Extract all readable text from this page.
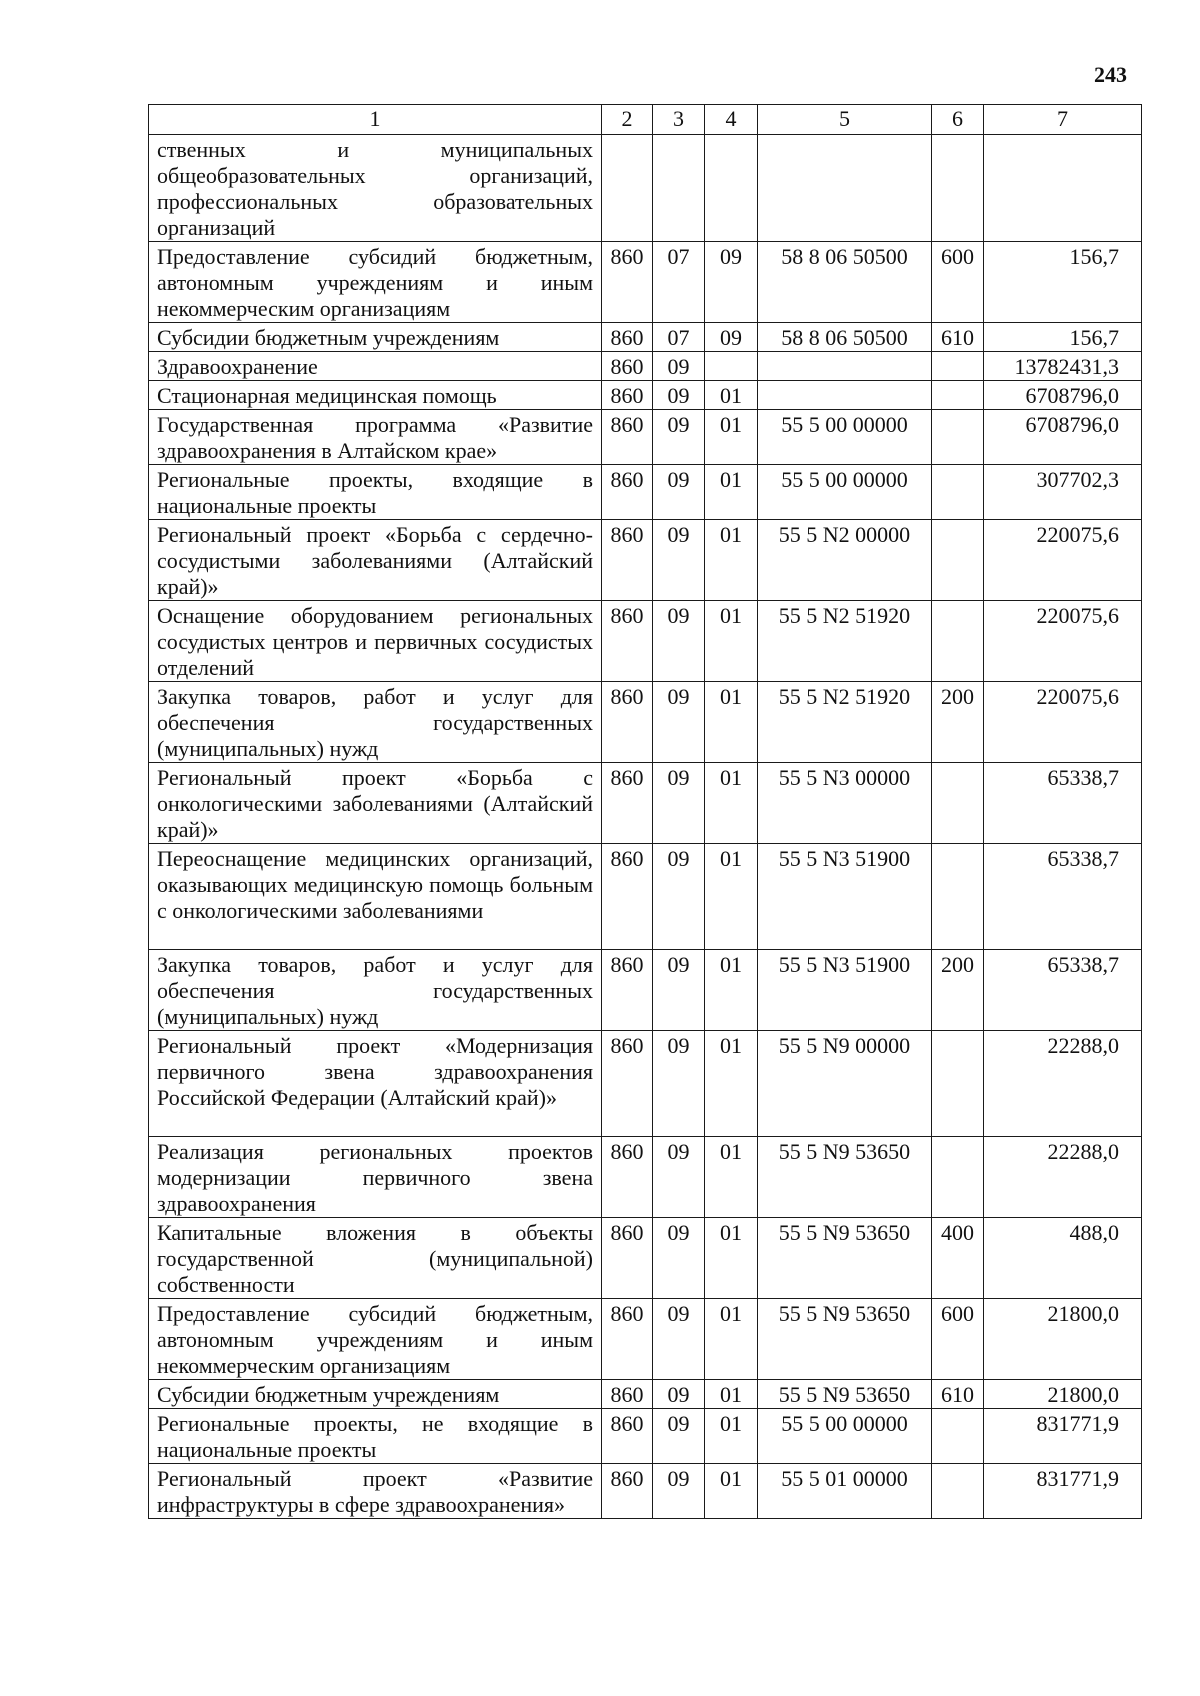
243
1	2	3	4	5	6	7
ственных и муниципальных общеобразовательных организаций, профессиональных образовательных организаций						
Предоставление субсидий бюджетным, автономным учреждениям и иным некоммерческим организациям	860	07	09	58 8 06 50500	600	156,7
Субсидии бюджетным учреждениям	860	07	09	58 8 06 50500	610	156,7
Здравоохранение	860	09				13782431,3
Стационарная медицинская помощь	860	09	01			6708796,0
Государственная программа «Развитие здравоохранения в Алтайском крае»	860	09	01	55 5 00 00000		6708796,0
Региональные проекты, входящие в национальные проекты	860	09	01	55 5 00 00000		307702,3
Региональный проект «Борьба с сердечно-сосудистыми заболеваниями (Алтайский край)»	860	09	01	55 5 N2 00000		220075,6
Оснащение оборудованием региональных сосудистых центров и первичных сосудистых отделений	860	09	01	55 5 N2 51920		220075,6
Закупка товаров, работ и услуг для обеспечения государственных (муниципальных) нужд	860	09	01	55 5 N2 51920	200	220075,6
Региональный проект «Борьба с онкологическими заболеваниями (Алтайский край)»	860	09	01	55 5 N3 00000		65338,7
Переоснащение медицинских организаций, оказывающих медицинскую помощь больным с онкологическими заболеваниями	860	09	01	55 5 N3 51900		65338,7
Закупка товаров, работ и услуг для обеспечения государственных (муниципальных) нужд	860	09	01	55 5 N3 51900	200	65338,7
Региональный проект «Модернизация первичного звена здравоохранения Российской Федерации (Алтайский край)»	860	09	01	55 5 N9 00000		22288,0
Реализация региональных проектов модернизации первичного звена здравоохранения	860	09	01	55 5 N9 53650		22288,0
Капитальные вложения в объекты государственной (муниципальной) собственности	860	09	01	55 5 N9 53650	400	488,0
Предоставление субсидий бюджетным, автономным учреждениям и иным некоммерческим организациям	860	09	01	55 5 N9 53650	600	21800,0
Субсидии бюджетным учреждениям	860	09	01	55 5 N9 53650	610	21800,0
Региональные проекты, не входящие в национальные проекты	860	09	01	55 5 00 00000		831771,9
Региональный проект «Развитие инфраструктуры в сфере здравоохранения»	860	09	01	55 5 01 00000		831771,9
